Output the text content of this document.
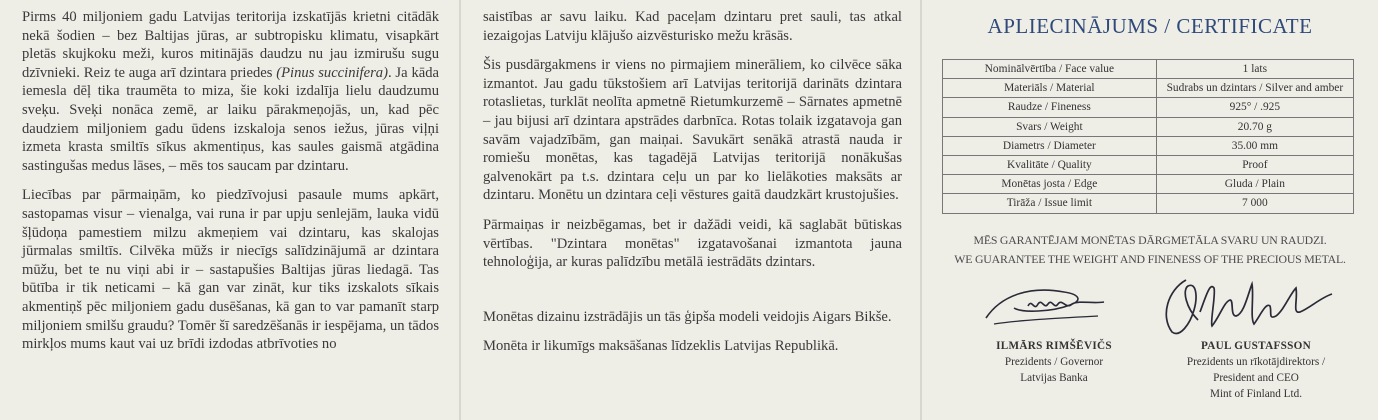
Pirms 40 miljoniem gadu Latvijas teritorija izskatījās krietni citādāk nekā šodien – bez Baltijas jūras, ar subtropisku klimatu, visapkārt pletās skujkoku meži, kuros mitinājās daudzu nu jau izmirušu sugu dzīvnieki. Reiz te auga arī dzintara priedes (Pinus succinifera). Ja kāda iemesla dēļ tika traumēta to miza, šie koki izdalīja lielu daudzumu sveķu. Sveķi nonāca zemē, ar laiku pārakmeņojās, un, kad pēc daudziem miljoniem gadu ūdens izskaloja senos iežus, jūras viļņi izmeta krasta smiltīs sīkus akmentiņus, kas saules gaismā atgādina sastingušas medus lāses, – mēs tos saucam par dzintaru.

Liecības par pārmaiņām, ko piedzīvojusi pasaule mums apkārt, sastopamas visur – vienalga, vai runa ir par upju senlejām, lauka vidū šļūdoņa pamestiem milzu akmeņiem vai dzintaru, kas skalojas jūrmalas smiltīs. Cilvēka mūžs ir niecīgs salīdzinājumā ar dzintara mūžu, bet te nu viņi abi ir – sastapušies Baltijas jūras liedagā. Tas būtība ir tik neticami – kā gan var zināt, kur tiks izskalots sīkais akmentiņš pēc miljoniem gadu dusēšanas, kā gan to var pamanīt starp miljoniem smilšu graudu? Tomēr šī saredzēšanās ir iespējama, un tādos mirkļos mums kaut vai uz brīdi izdodas atbrīvoties no

saistības ar savu laiku. Kad paceļam dzintaru pret sauli, tas atkal iezaigojas Latviju klājušo aizvēsturisko mežu krāsās.

Šis pusdārgakmens ir viens no pirmajiem minerāliem, ko cilvēce sāka izmantot. Jau gadu tūkstošiem arī Latvijas teritorijā darināts dzintara rotaslietas, turklāt neolīta apmetnē Rietumkurzemē – Sārnates apmetnē – jau bijusi arī dzintara apstrādes darbnīca. Rotas tolaik izgatavoja gan savām vajadzībām, gan maiņai. Savukārt senākā atrastā nauda ir romiešu monētas, kas tagadējā Latvijas teritorijā nonākušas galvenokārt pa t.s. dzintara ceļu un par ko lielākoties maksāts ar dzintaru. Monētu un dzintara ceļi vēstures gaitā daudzkārt krustojušies.

Pārmaiņas ir neizbēgamas, bet ir dažādi veidi, kā saglabāt būtiskas vērtības. "Dzintara monētas" izgatavošanai izmantota jauna tehnoloģija, ar kuras palīdzību metālā iestrādāts dzintars.

Monētas dizainu izstrādājis un tās ģipša modeli veidojis Aigars Bikše.

Monēta ir likumīgs maksāšanas līdzeklis Latvijas Republikā.

APLIECINĀJUMS / CERTIFICATE
Nominālvērtība / Face value	1 lats
Materiāls / Material	Sudrabs un dzintars / Silver and amber
Raudze / Fineness	925° / .925
Svars / Weight	20.70 g
Diametrs / Diameter	35.00 mm
Kvalitāte / Quality	Proof
Monētas josta / Edge	Gluda / Plain
Tirāža / Issue limit	7 000
MĒS GARANTĒJAM MONĒTAS DĀRGMETĀLA SVARU UN RAUDZI.
WE GUARANTEE THE WEIGHT AND FINENESS OF THE PRECIOUS METAL.
ILMĀRS RIMŠĒVIČS
Prezidents / Governor
Latvijas Banka
PAUL GUSTAFSSON
Prezidents un rīkotājdirektors /
President and CEO
Mint of Finland Ltd.
